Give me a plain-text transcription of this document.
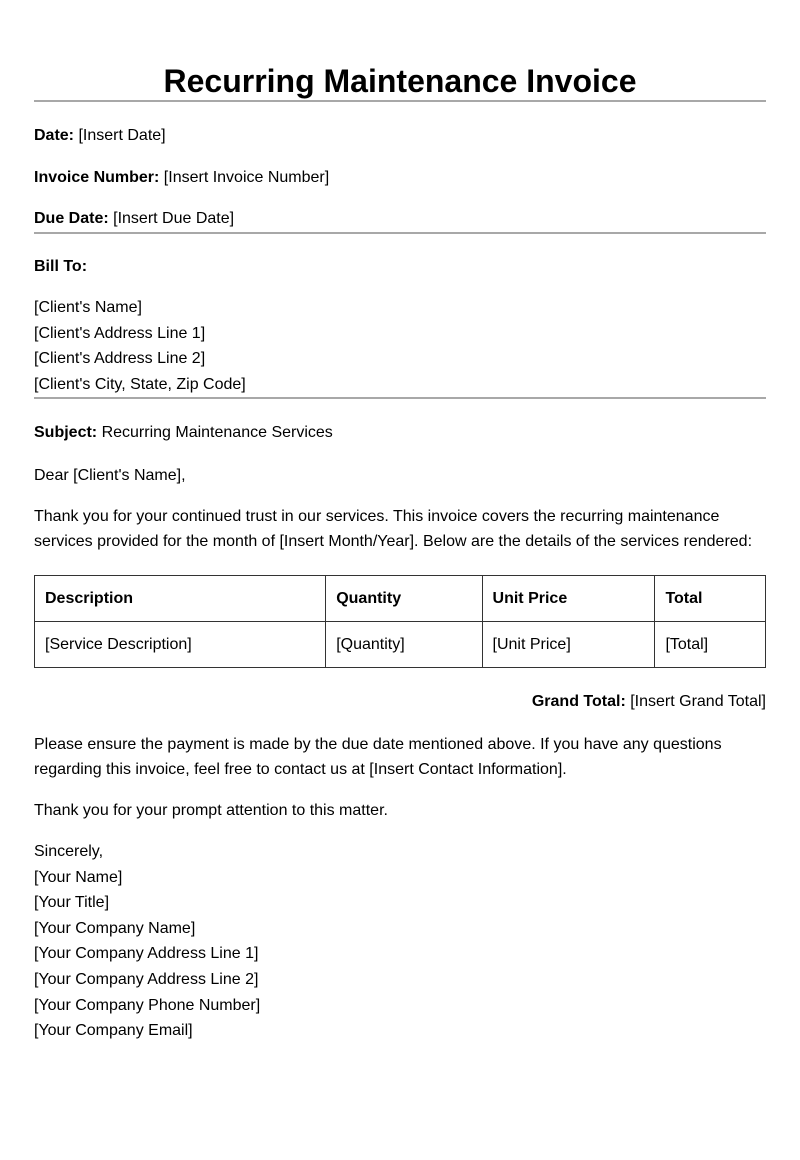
Recurring Maintenance Invoice

Date: [Insert Date]

Invoice Number: [Insert Invoice Number]

Due Date: [Insert Due Date]

Bill To:

[Client's Name]
[Client's Address Line 1]
[Client's Address Line 2]
[Client's City, State, Zip Code]

Subject: Recurring Maintenance Services

Dear [Client's Name],

Thank you for your continued trust in our services. This invoice covers the recurring maintenance services provided for the month of [Insert Month/Year]. Below are the details of the services rendered:

Description	Quantity	Unit Price	Total
[Service Description]	[Quantity]	[Unit Price]	[Total]

Grand Total: [Insert Grand Total]

Please ensure the payment is made by the due date mentioned above. If you have any questions regarding this invoice, feel free to contact us at [Insert Contact Information].

Thank you for your prompt attention to this matter.

Sincerely,
[Your Name]
[Your Title]
[Your Company Name]
[Your Company Address Line 1]
[Your Company Address Line 2]
[Your Company Phone Number]
[Your Company Email]
